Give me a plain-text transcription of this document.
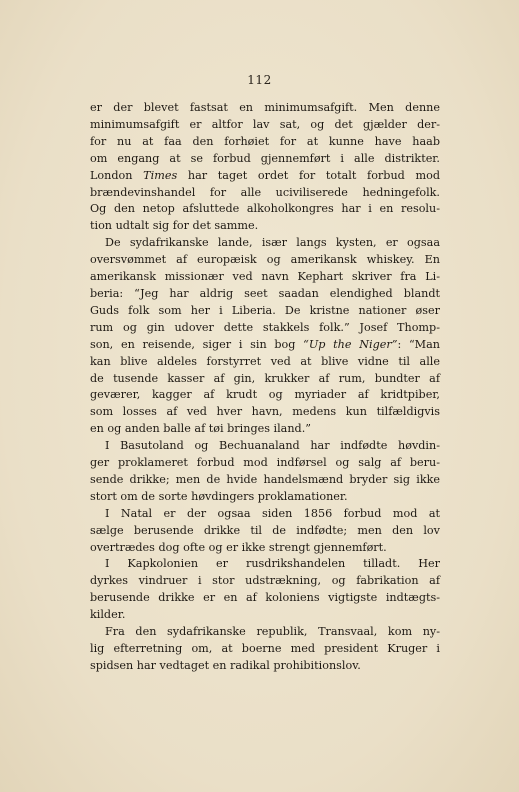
112
er der blevet fastsat en minimumsafgift. Men denne
minimumsafgift er altfor lav sat, og det gjælder der-
for nu at faa den forhøiet for at kunne have haab
om engang at se forbud gjennemført i alle distrikter.
London Times har taget ordet for totalt forbud mod
brændevinshandel for alle uciviliserede hedningefolk.
Og den netop afsluttede alkoholkongres har i en resolu-
tion udtalt sig for det samme.
De sydafrikanske lande, især langs kysten, er ogsaa
oversvømmet af europæisk og amerikansk whiskey. En
amerikansk missionær ved navn Kephart skriver fra Li-
beria: “Jeg har aldrig seet saadan elendighed blandt
Guds folk som her i Liberia. De kristne nationer øser
rum og gin udover dette stakkels folk.” Josef Thomp-
son, en reisende, siger i sin bog “Up the Niger”: “Man
kan blive aldeles forstyrret ved at blive vidne til alle
de tusende kasser af gin, krukker af rum, bundter af
geværer, kagger af krudt og myriader af kridtpiber,
som losses af ved hver havn, medens kun tilfældigvis
en og anden balle af tøi bringes iland.”
I Basutoland og Bechuanaland har indfødte høvdin-
ger proklameret forbud mod indførsel og salg af beru-
sende drikke; men de hvide handelsmænd bryder sig ikke
stort om de sorte høvdingers proklamationer.
I Natal er der ogsaa siden 1856 forbud mod at
sælge berusende drikke til de indfødte; men den lov
overtrædes dog ofte og er ikke strengt gjennemført.
I Kapkolonien er rusdrikshandelen tilladt. Her
dyrkes vindruer i stor udstrækning, og fabrikation af
berusende drikke er en af koloniens vigtigste indtægts-
kilder.
Fra den sydafrikanske republik, Transvaal, kom ny-
lig efterretning om, at boerne med president Kruger i
spidsen har vedtaget en radikal prohibitionslov.
